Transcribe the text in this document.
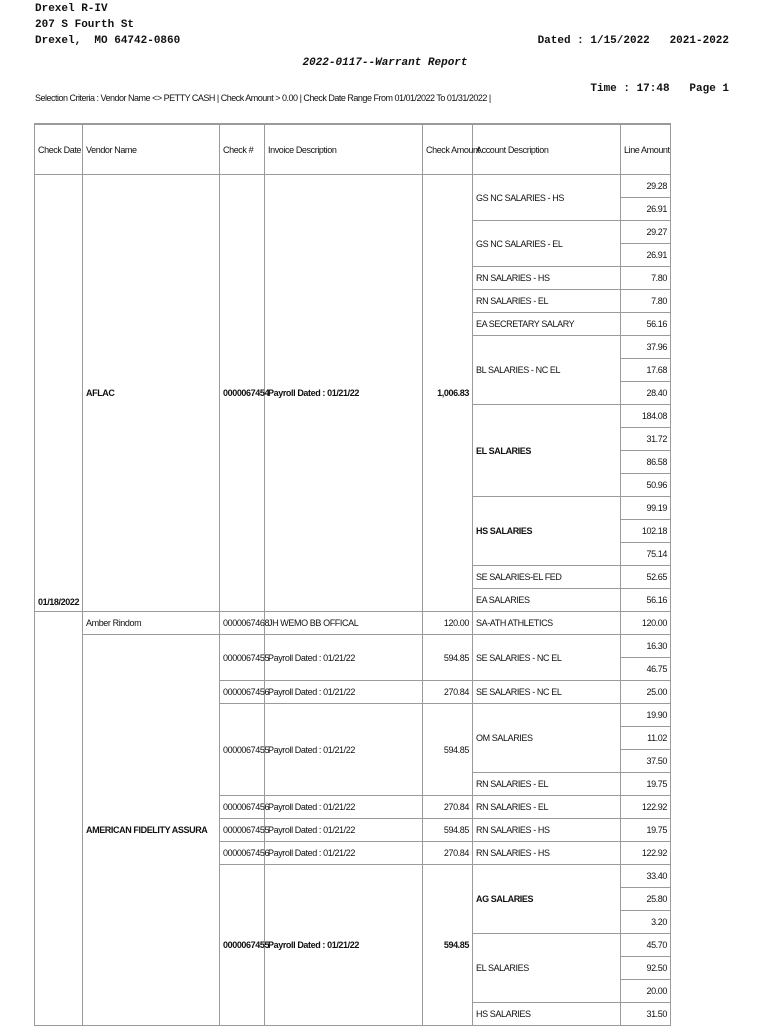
Drexel R-IV
207 S Fourth St
Drexel,  MO 64742-0860

	Dated : 1/15/2022   2021-2022

Time : 17:48   Page 1

2022-0117--Warrant Report
Selection Criteria : Vendor Name <> PETTY CASH | Check Amount > 0.00 | Check Date Range From 01/01/2022 To 01/31/2022 |
Check Date	Vendor Name	Check #	Invoice Description	Check Amount	Account Description	Line Amount
01/18/2022	AFLAC	0000067454	Payroll Dated : 01/21/22	1,006.83	GS NC SALARIES - HS	29.28
						26.91
					GS NC SALARIES - EL	29.27
						26.91
					RN SALARIES - HS	7.80
					RN SALARIES - EL	7.80
					EA SECRETARY SALARY	56.16
					BL SALARIES - NC EL	37.96
						17.68
						28.40
					EL SALARIES	184.08
						31.72
						86.58
						50.96
					HS SALARIES	99.19
						102.18
						75.14
					SE SALARIES-EL FED	52.65
					EA SALARIES	56.16
	Amber Rindom	0000067468	JH WEMO BB OFFICAL	120.00	SA-ATH ATHLETICS	120.00
	AMERICAN FIDELITY ASSURA	0000067455	Payroll Dated : 01/21/22	594.85	SE SALARIES - NC EL	16.30
						46.75
		0000067456	Payroll Dated : 01/21/22	270.84	SE SALARIES - NC EL	25.00
		0000067455	Payroll Dated : 01/21/22	594.85	OM SALARIES	19.90
						11.02
						37.50
					RN SALARIES - EL	19.75
		0000067456	Payroll Dated : 01/21/22	270.84	RN SALARIES - EL	122.92
		0000067455	Payroll Dated : 01/21/22	594.85	RN SALARIES - HS	19.75
		0000067456	Payroll Dated : 01/21/22	270.84	RN SALARIES - HS	122.92
		0000067455	Payroll Dated : 01/21/22	594.85	AG SALARIES	33.40
						25.80
						3.20
					EL SALARIES	45.70
						92.50
						20.00
					HS SALARIES	31.50
